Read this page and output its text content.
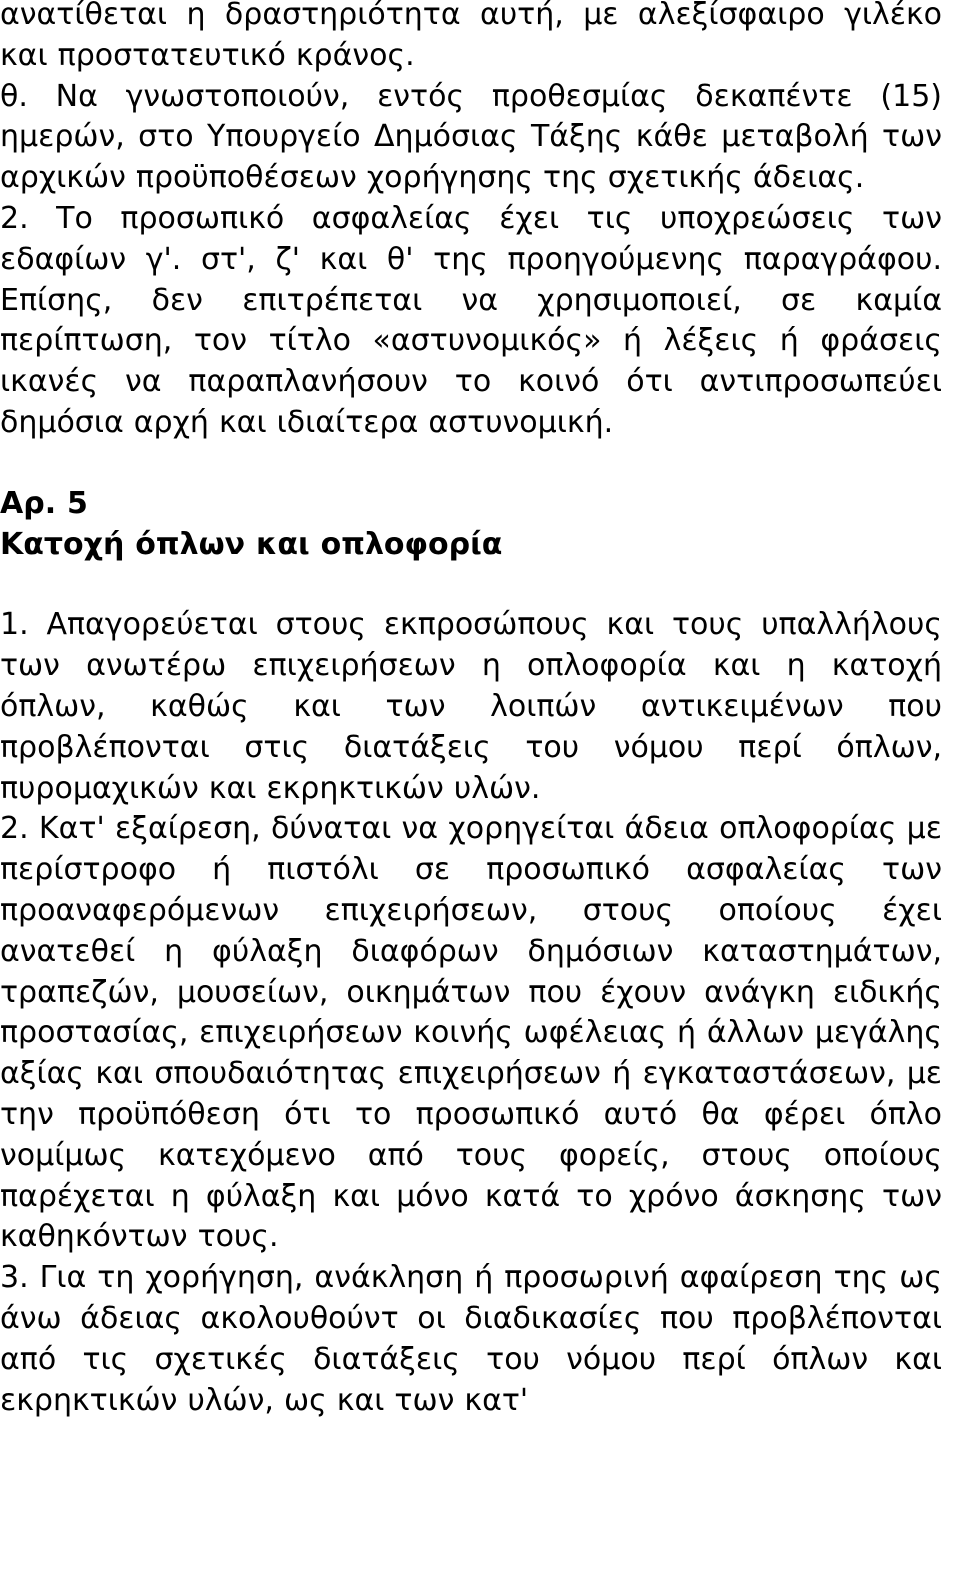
ανατίθεται η δραστηριότητα αυτή, με αλεξίσφαιρο γιλέκο και προστατευτικό κράνος.

θ. Να γνωστοποιούν, εντός προθεσμίας δεκαπέντε (15) ημερών, στο Υπουργείο Δημόσιας Τάξης κάθε μεταβολή των αρχικών προϋποθέσεων χορήγησης της σχετικής άδειας.

2. Το προσωπικό ασφαλείας έχει τις υποχρεώσεις των εδαφίων γ'. στ', ζ' και θ' της προηγούμενης παραγράφου. Επίσης, δεν επιτρέπεται να χρησιμοποιεί, σε καμία περίπτωση, τον τίτλο «αστυνομικός» ή λέξεις ή φράσεις ικανές να παραπλανήσουν το κοινό ότι αντιπροσωπεύει δημόσια αρχή και ιδιαίτερα αστυνομική.

Αρ. 5
Κατοχή όπλων και οπλοφορία

1. Απαγορεύεται στους εκπροσώπους και τους υπαλλήλους των ανωτέρω επιχειρήσεων η οπλοφορία και η κατοχή όπλων, καθώς και των λοιπών αντικειμένων που προβλέπονται στις διατάξεις του νόμου περί όπλων, πυρομαχικών και εκρηκτικών υλών.

2. Κατ' εξαίρεση, δύναται να χορηγείται άδεια οπλοφορίας με περίστροφο ή πιστόλι σε προσωπικό ασφαλείας των προαναφερόμενων επιχειρήσεων, στους οποίους έχει ανατεθεί η φύλαξη διαφόρων δημόσιων καταστημάτων, τραπεζών, μουσείων, οικημάτων που έχουν ανάγκη ειδικής προστασίας, επιχειρήσεων κοινής ωφέλειας ή άλλων μεγάλης αξίας και σπουδαιότητας επιχειρήσεων ή εγκαταστάσεων, με την προϋπόθεση ότι το προσωπικό αυτό θα φέρει όπλο νομίμως κατεχόμενο από τους φορείς, στους οποίους παρέχεται η φύλαξη και μόνο κατά το χρόνο άσκησης των καθηκόντων τους.

3. Για τη χορήγηση, ανάκληση ή προσωρινή αφαίρεση της ως άνω άδειας ακολουθούντ οι διαδικασίες που προβλέπονται από τις σχετικές διατάξεις του νόμου περί όπλων και εκρηκτικών υλών, ως και των κατ'
